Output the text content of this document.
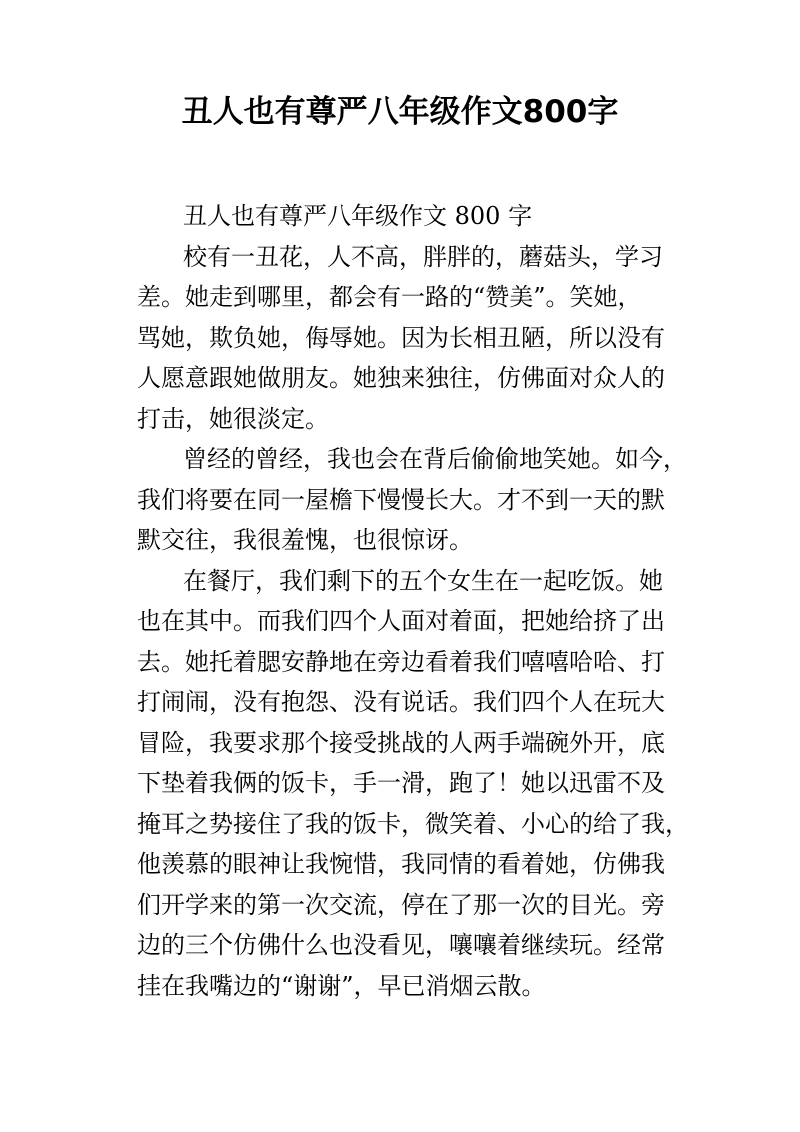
丑人也有尊严八年级作文800字
丑人也有尊严八年级作文 800 字
校有一丑花，人不高，胖胖的，蘑菇头，学习
差。她走到哪里，都会有一路的“赞美”。笑她，
骂她，欺负她，侮辱她。因为长相丑陋，所以没有
人愿意跟她做朋友。她独来独往，仿佛面对众人的
打击，她很淡定。
曾经的曾经，我也会在背后偷偷地笑她。如今，
我们将要在同一屋檐下慢慢长大。才不到一天的默
默交往，我很羞愧，也很惊讶。
在餐厅，我们剩下的五个女生在一起吃饭。她
也在其中。而我们四个人面对着面，把她给挤了出
去。她托着腮安静地在旁边看着我们嘻嘻哈哈、打
打闹闹，没有抱怨、没有说话。我们四个人在玩大
冒险，我要求那个接受挑战的人两手端碗外开，底
下垫着我俩的饭卡，手一滑，跑了！她以迅雷不及
掩耳之势接住了我的饭卡，微笑着、小心的给了我，
他羡慕的眼神让我惋惜，我同情的看着她，仿佛我
们开学来的第一次交流，停在了那一次的目光。旁
边的三个仿佛什么也没看见，嚷嚷着继续玩。经常
挂在我嘴边的“谢谢”，早已消烟云散。
